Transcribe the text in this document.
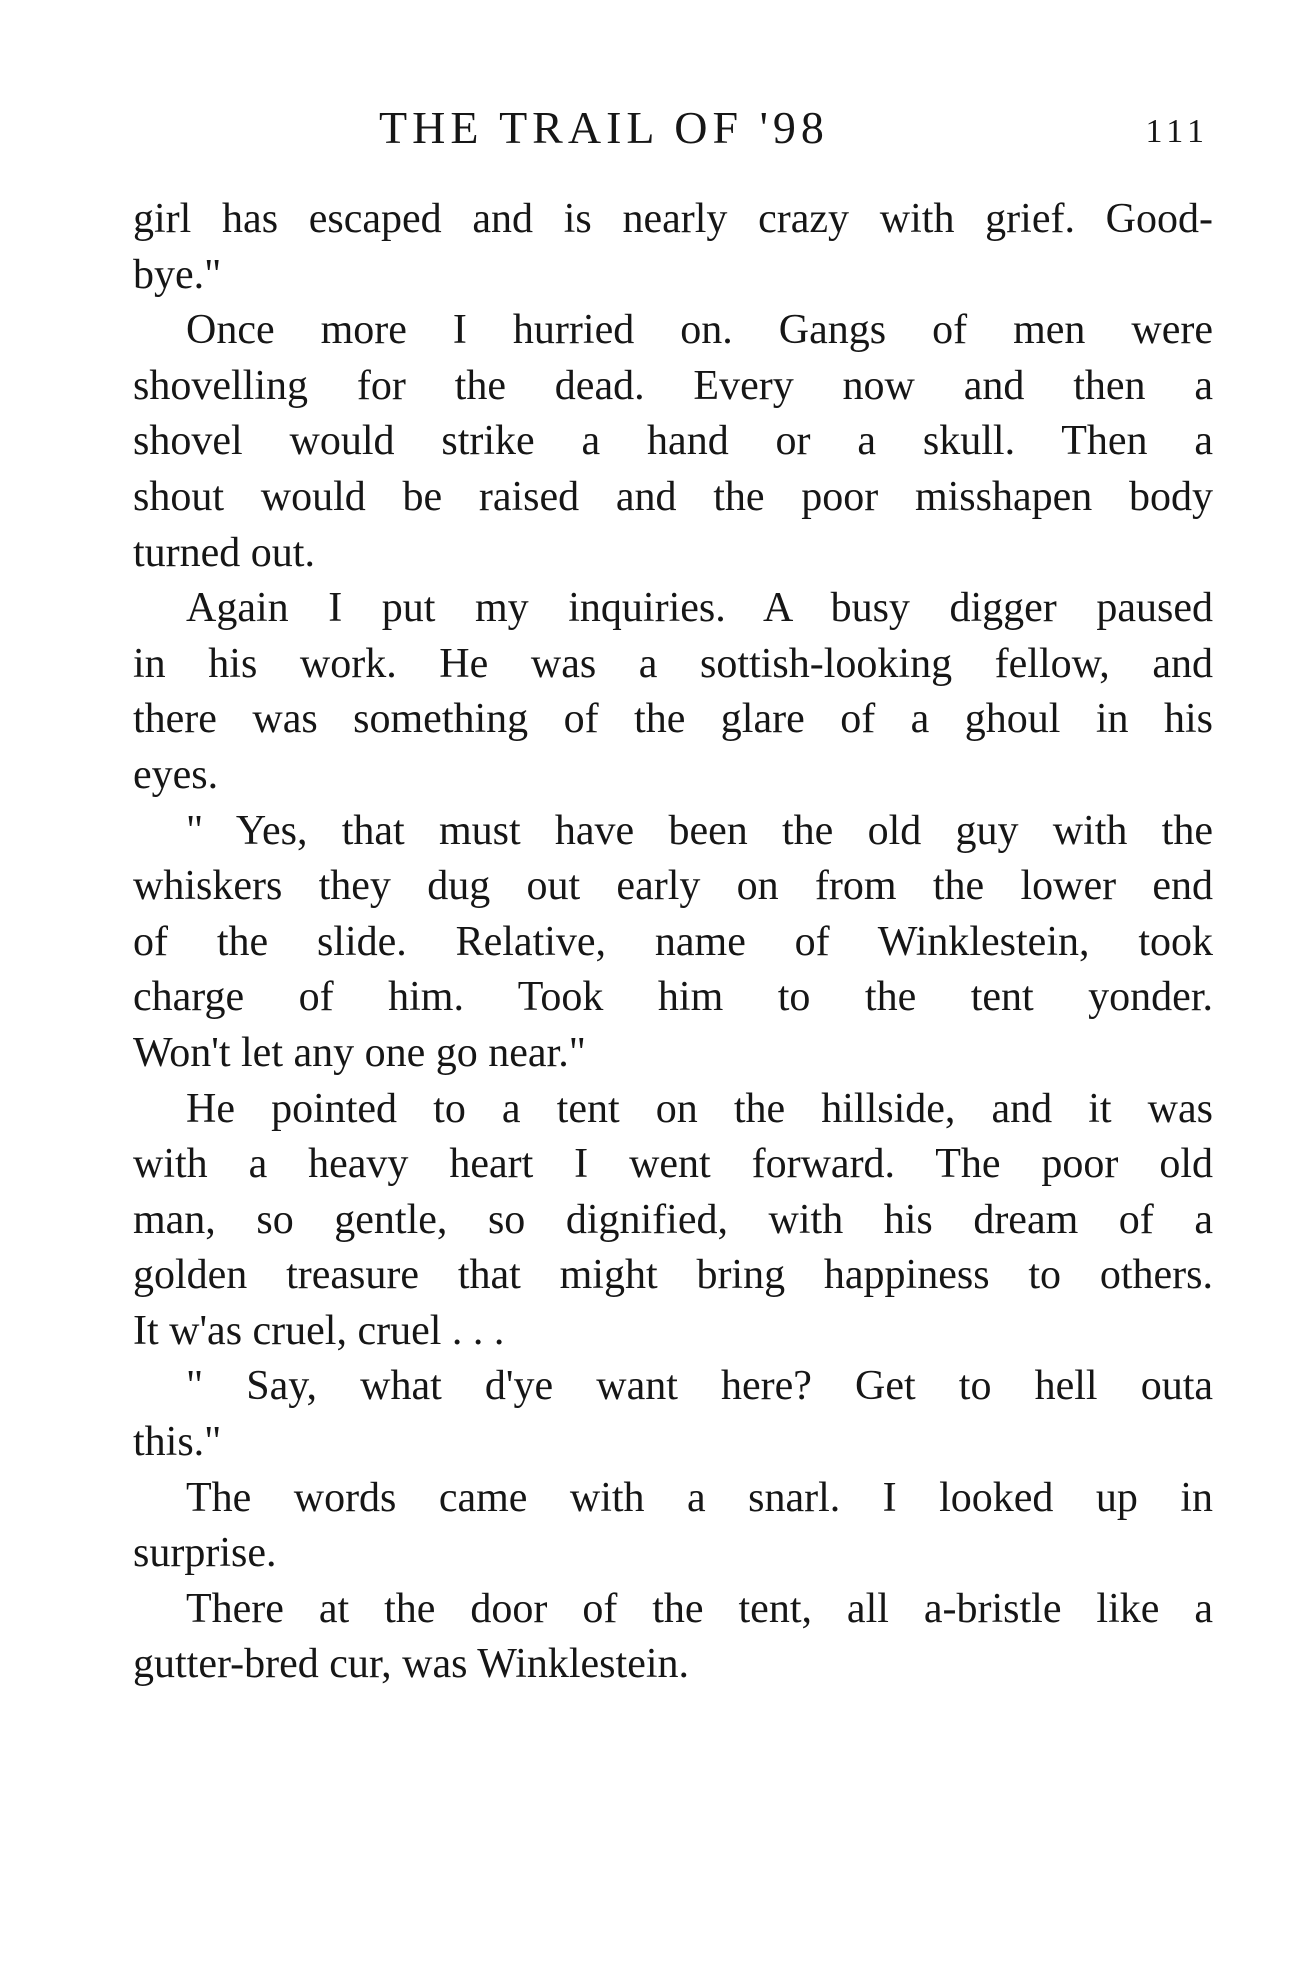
THE TRAIL OF '98	111
girl has escaped and is nearly crazy with grief. Good-
bye."
Once more I hurried on. Gangs of men were
shovelling for the dead. Every now and then a
shovel would strike a hand or a skull. Then a
shout would be raised and the poor misshapen body
turned out.
Again I put my inquiries. A busy digger paused
in his work. He was a sottish-looking fellow, and
there was something of the glare of a ghoul in his
eyes.
" Yes, that must have been the old guy with the
whiskers they dug out early on from the lower end
of the slide. Relative, name of Winklestein, took
charge of him. Took him to the tent yonder.
Won't let any one go near."
He pointed to a tent on the hillside, and it was
with a heavy heart I went forward. The poor old
man, so gentle, so dignified, with his dream of a
golden treasure that might bring happiness to others.
It w'as cruel, cruel . . .
" Say, what d'ye want here? Get to hell outa
this."
The words came with a snarl. I looked up in
surprise.
There at the door of the tent, all a-bristle like a
gutter-bred cur, was Winklestein.
